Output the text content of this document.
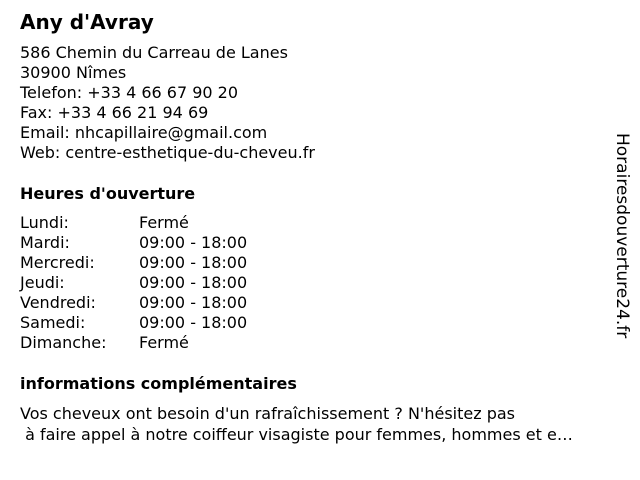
Any d'Avray
586 Chemin du Carreau de Lanes
30900 Nîmes
Telefon: +33 4 66 67 90 20
Fax: +33 4 66 21 94 69
Email: nhcapillaire@gmail.com
Web: centre-esthetique-du-cheveu.fr
Heures d'ouverture
Lundi:	Fermé
Mardi:	09:00 - 18:00
Mercredi:	09:00 - 18:00
Jeudi:	09:00 - 18:00
Vendredi:	09:00 - 18:00
Samedi:	09:00 - 18:00
Dimanche:	Fermé
informations complémentaires
Vos cheveux ont besoin d'un rafraîchissement ? N'hésitez pas
à faire appel à notre coiffeur visagiste pour femmes, hommes et e…
Horairesdouverture24.fr
